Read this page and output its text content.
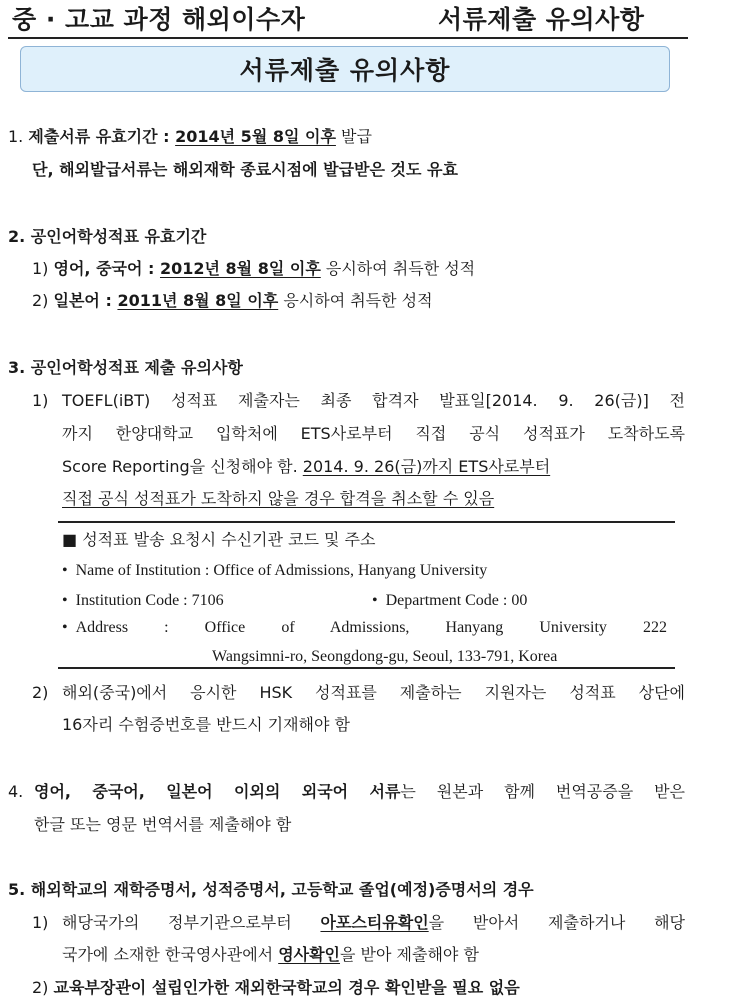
중 · 고교 과정 해외이수자	서류제출 유의사항
서류제출 유의사항
1. 제출서류 유효기간 : 2014년 5월 8일 이후 발급
단, 해외발급서류는 해외재학 종료시점에 발급받은 것도 유효
2. 공인어학성적표 유효기간
1) 영어, 중국어 : 2012년 8월 8일 이후 응시하여 취득한 성적
2) 일본어 : 2011년 8월 8일 이후 응시하여 취득한 성적
3. 공인어학성적표 제출 유의사항
1) TOEFL(iBT) 성적표 제출자는 최종 합격자 발표일[2014. 9. 26(금)] 전
까지 한양대학교 입학처에 ETS사로부터 직접 공식 성적표가 도착하도록
Score Reporting을 신청해야 함. 2014. 9. 26(금)까지 ETS사로부터
직접 공식 성적표가 도착하지 않을 경우 합격을 취소할 수 있음
■ 성적표 발송 요청시 수신기관 코드 및 주소
• Name of Institution : Office of Admissions, Hanyang University
• Institution Code : 7106
•	Department Code : 00
• Address : Office of Admissions, Hanyang University 222
Wangsimni-ro, Seongdong-gu, Seoul, 133-791, Korea
2) 해외(중국)에서 응시한 HSK 성적표를 제출하는 지원자는 성적표 상단에
16자리 수험증번호를 반드시 기재해야 함
4. 영어, 중국어, 일본어 이외의 외국어 서류는 원본과 함께 번역공증을 받은
한글 또는 영문 번역서를 제출해야 함
5. 해외학교의 재학증명서, 성적증명서, 고등학교 졸업(예정)증명서의 경우
1) 해당국가의 정부기관으로부터 아포스티유확인을 받아서 제출하거나 해당
국가에 소재한 한국영사관에서 영사확인을 받아 제출해야 함
2) 교육부장관이 설립인가한 재외한국학교의 경우 확인받을 필요 없음
